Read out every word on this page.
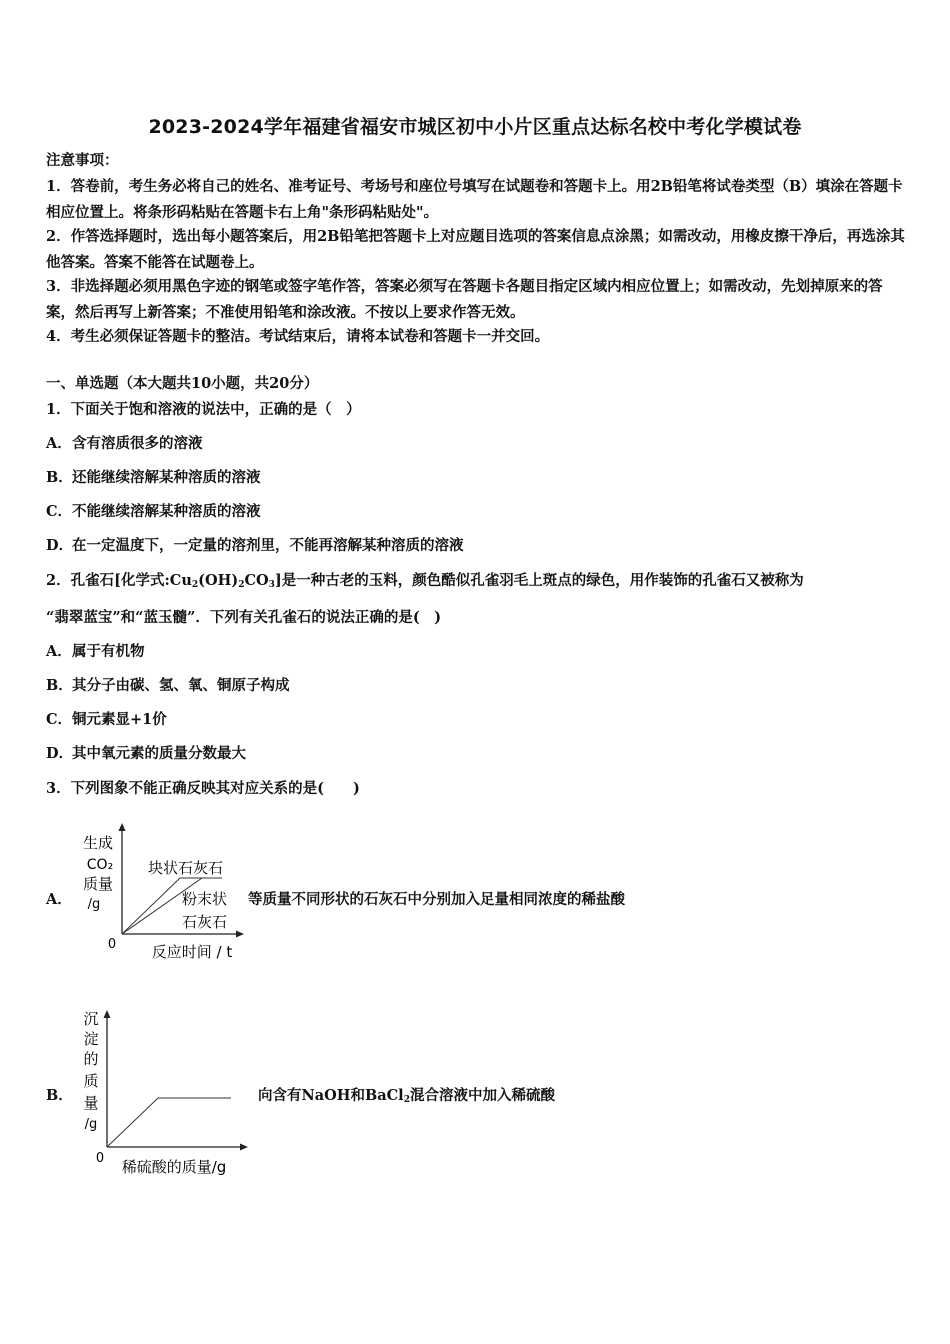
2023-2024学年福建省福安市城区初中小片区重点达标名校中考化学模试卷
注意事项：
1．答卷前，考生务必将自己的姓名、准考证号、考场号和座位号填写在试题卷和答题卡上。用2B铅笔将试卷类型（B）填涂在答题卡相应位置上。将条形码粘贴在答题卡右上角"条形码粘贴处"。
2．作答选择题时，选出每小题答案后，用2B铅笔把答题卡上对应题目选项的答案信息点涂黑；如需改动，用橡皮擦干净后，再选涂其他答案。答案不能答在试题卷上。
3．非选择题必须用黑色字迹的钢笔或签字笔作答，答案必须写在答题卡各题目指定区域内相应位置上；如需改动，先划掉原来的答案，然后再写上新答案；不准使用铅笔和涂改液。不按以上要求作答无效。
4．考生必须保证答题卡的整洁。考试结束后，请将本试卷和答题卡一并交回。
一、单选题（本大题共10小题，共20分）
1．下面关于饱和溶液的说法中，正确的是（　）
A．含有溶质很多的溶液
B．还能继续溶解某种溶质的溶液
C．不能继续溶解某种溶质的溶液
D．在一定温度下，一定量的溶剂里，不能再溶解某种溶质的溶液
2．孔雀石[化学式$:Cu_2(OH)_2CO_3$]是一种古老的玉料，颜色酷似孔雀羽毛上斑点的绿色，用作装饰的孔雀石又被称为
“翡翠蓝宝”和“蓝玉髓”．下列有关孔雀石的说法正确的是(　)
A．属于有机物
B．其分子由碳、氢、氧、铜原子构成
C．铜元素显+1价
D．其中氧元素的质量分数最大
3．下列图象不能正确反映其对应关系的是(　　)
A．
生成
CO₂
质量
/g
0 反应时间 / t
块状石灰石
粉末状
石灰石
等质量不同形状的石灰石中分别加入足量相同浓度的稀盐酸
B．
沉
淀
的
质
量
/g
0 稀硫酸的质量/g
向含有NaOH和BaCl$_2$混合溶液中加入稀硫酸
